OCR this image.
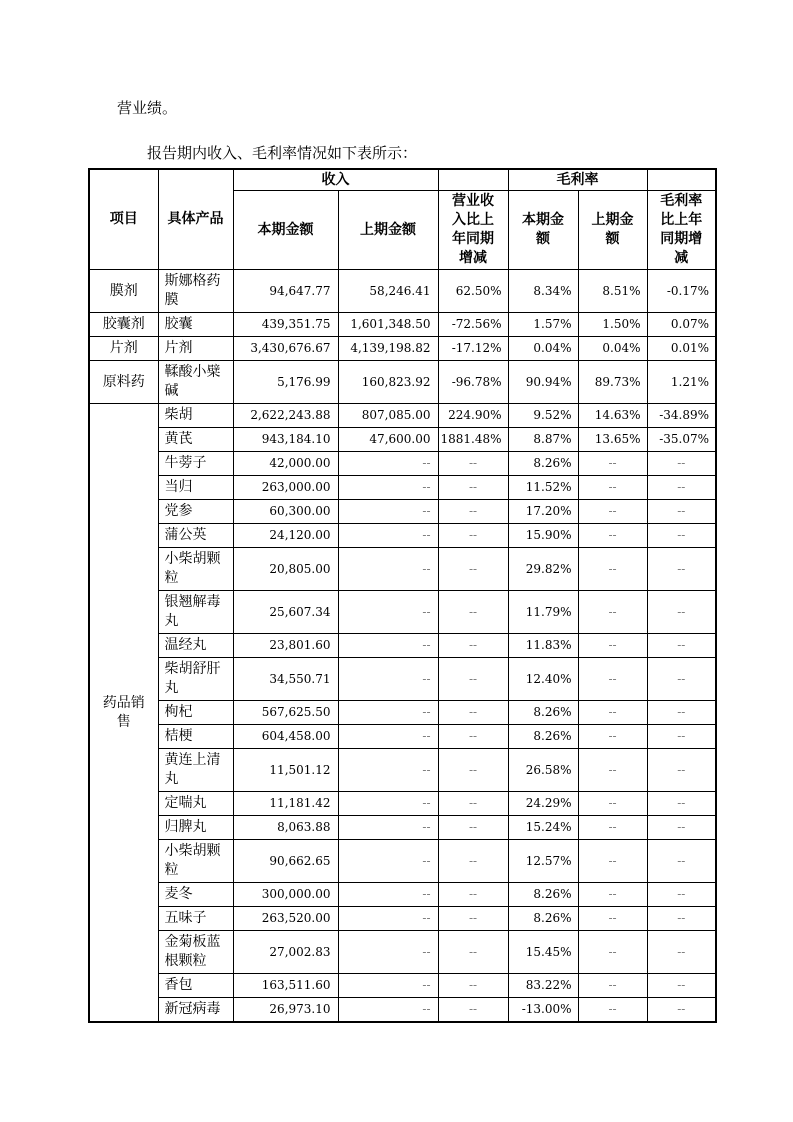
营业绩。

报告期内收入、毛利率情况如下表所示：

项目	具体产品	收入			毛利率		
		本期金额	上期金额	营业收入比上年同期增减	本期金额	上期金额	毛利率比上年同期增减
膜剂	斯娜格药膜	94,647.77	58,246.41	62.50%	8.34%	8.51%	-0.17%
胶囊剂	胶囊	439,351.75	1,601,348.50	-72.56%	1.57%	1.50%	0.07%
片剂	片剂	3,430,676.67	4,139,198.82	-17.12%	0.04%	0.04%	0.01%
原料药	鞣酸小檗碱	5,176.99	160,823.92	-96.78%	90.94%	89.73%	1.21%
药品销售	柴胡	2,622,243.88	807,085.00	224.90%	9.52%	14.63%	-34.89%
	黄芪	943,184.10	47,600.00	1881.48%	8.87%	13.65%	-35.07%
	牛蒡子	42,000.00	--	--	8.26%	--	--
	当归	263,000.00	--	--	11.52%	--	--
	党参	60,300.00	--	--	17.20%	--	--
	蒲公英	24,120.00	--	--	15.90%	--	--
	小柴胡颗粒	20,805.00	--	--	29.82%	--	--
	银翘解毒丸	25,607.34	--	--	11.79%	--	--
	温经丸	23,801.60	--	--	11.83%	--	--
	柴胡舒肝丸	34,550.71	--	--	12.40%	--	--
	枸杞	567,625.50	--	--	8.26%	--	--
	桔梗	604,458.00	--	--	8.26%	--	--
	黄连上清丸	11,501.12	--	--	26.58%	--	--
	定喘丸	11,181.42	--	--	24.29%	--	--
	归脾丸	8,063.88	--	--	15.24%	--	--
	小柴胡颗粒	90,662.65	--	--	12.57%	--	--
	麦冬	300,000.00	--	--	8.26%	--	--
	五味子	263,520.00	--	--	8.26%	--	--
	金菊板蓝根颗粒	27,002.83	--	--	15.45%	--	--
	香包	163,511.60	--	--	83.22%	--	--
	新冠病毒	26,973.10	--	--	-13.00%	--	--
